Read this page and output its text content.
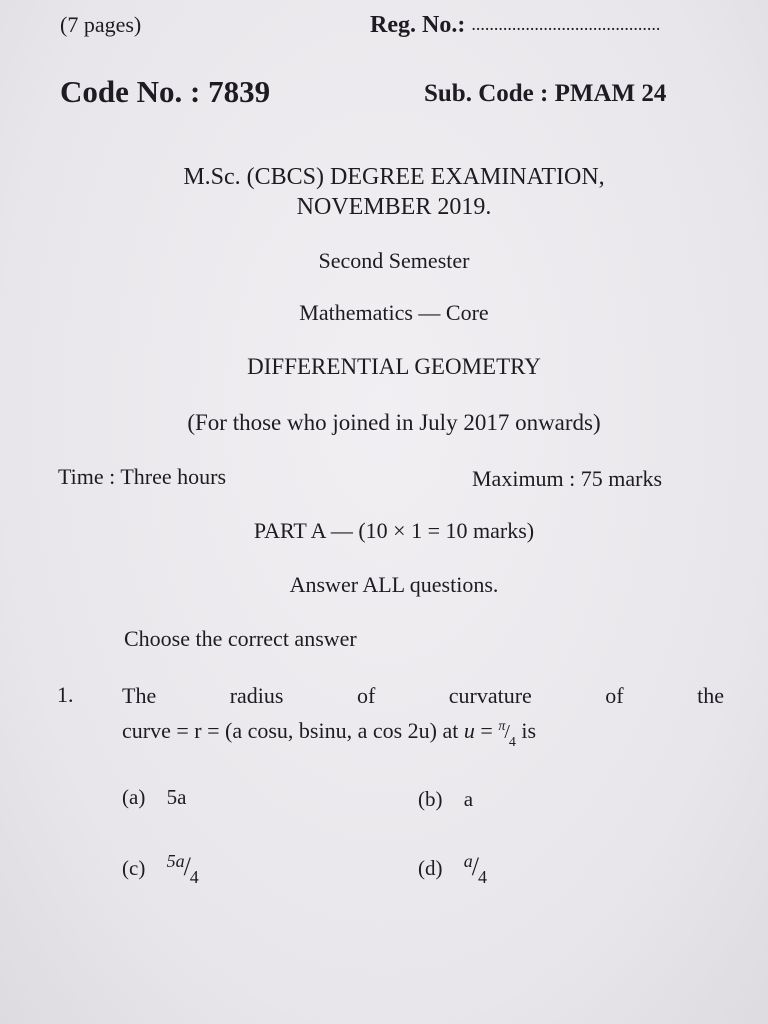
(7 pages)	Reg. No.: ..........................................
Code No. : 7839	Sub. Code : PMAM 24
M.Sc. (CBCS) DEGREE EXAMINATION,
NOVEMBER 2019.
Second Semester
Mathematics — Core
DIFFERENTIAL GEOMETRY
(For those who joined in July 2017 onwards)
Time : Three hours	Maximum : 75 marks
PART A — (10 × 1 = 10 marks)
Answer ALL questions.
Choose the correct answer
1. The	radius	of	curvature	of	the
curve = r = (a cosu, bsinu, a cos 2u) at $u = ^\pi/_4$ is
(a) 5a	(b) a
(c) 5a/4	(d) a/4
